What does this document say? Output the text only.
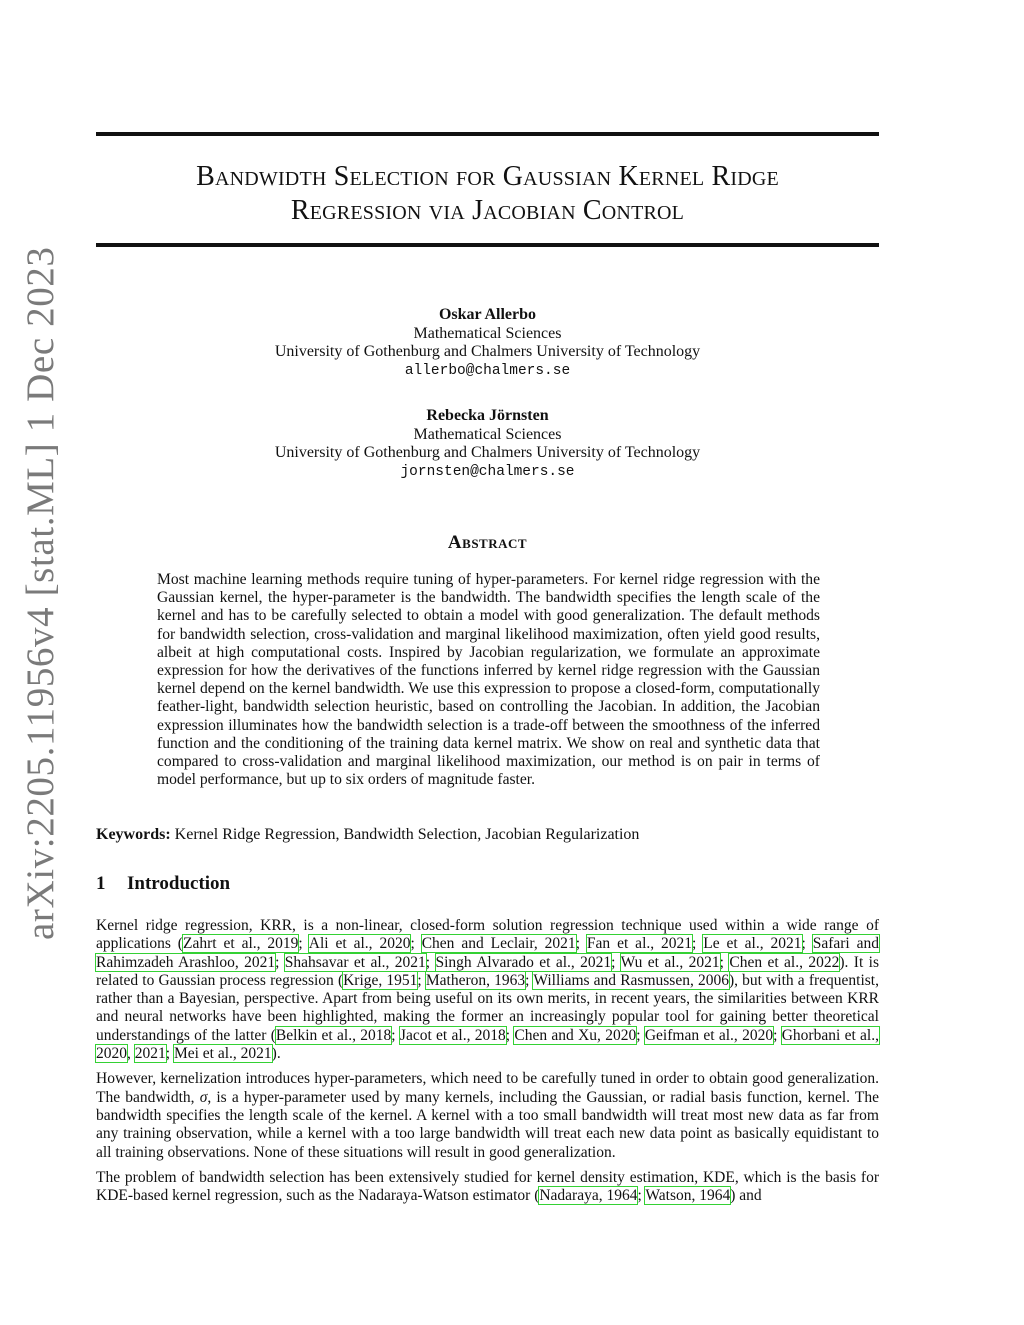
arXiv:2205.11956v4 [stat.ML] 1 Dec 2023
Bandwidth Selection for Gaussian Kernel Ridge
Regression via Jacobian Control
Oskar Allerbo
Mathematical Sciences
University of Gothenburg and Chalmers University of Technology
allerbo@chalmers.se
Rebecka Jörnsten
Mathematical Sciences
University of Gothenburg and Chalmers University of Technology
jornsten@chalmers.se
Abstract
Most machine learning methods require tuning of hyper-parameters. For kernel ridge regression with the Gaussian kernel, the hyper-parameter is the bandwidth. The bandwidth specifies the length scale of the kernel and has to be carefully selected to obtain a model with good generalization. The default methods for bandwidth selection, cross-validation and marginal likelihood maximization, often yield good results, albeit at high computational costs. Inspired by Jacobian regularization, we formulate an approximate expression for how the derivatives of the functions inferred by kernel ridge regression with the Gaussian kernel depend on the kernel bandwidth. We use this expression to propose a closed-form, computationally feather-light, bandwidth selection heuristic, based on controlling the Jacobian. In addition, the Jacobian expression illuminates how the bandwidth selection is a trade-off between the smoothness of the inferred function and the conditioning of the training data kernel matrix. We show on real and synthetic data that compared to cross-validation and marginal likelihood maximization, our method is on pair in terms of model performance, but up to six orders of magnitude faster.
Keywords: Kernel Ridge Regression, Bandwidth Selection, Jacobian Regularization
1 Introduction

Kernel ridge regression, KRR, is a non-linear, closed-form solution regression technique used within a wide range of applications (Zahrt et al., 2019; Ali et al., 2020; Chen and Leclair, 2021; Fan et al., 2021; Le et al., 2021; Safari and Rahimzadeh Arashloo, 2021; Shahsavar et al., 2021; Singh Alvarado et al., 2021; Wu et al., 2021; Chen et al., 2022). It is related to Gaussian process regression (Krige, 1951; Matheron, 1963; Williams and Rasmussen, 2006), but with a frequentist, rather than a Bayesian, perspective. Apart from being useful on its own merits, in recent years, the similarities between KRR and neural networks have been highlighted, making the former an increasingly popular tool for gaining better theoretical understandings of the latter (Belkin et al., 2018; Jacot et al., 2018; Chen and Xu, 2020; Geifman et al., 2020; Ghorbani et al., 2020, 2021; Mei et al., 2021).

However, kernelization introduces hyper-parameters, which need to be carefully tuned in order to obtain good generalization. The bandwidth, σ, is a hyper-parameter used by many kernels, including the Gaussian, or radial basis function, kernel. The bandwidth specifies the length scale of the kernel. A kernel with a too small bandwidth will treat most new data as far from any training observation, while a kernel with a too large bandwidth will treat each new data point as basically equidistant to all training observations. None of these situations will result in good generalization.

The problem of bandwidth selection has been extensively studied for kernel density estimation, KDE, which is the basis for KDE-based kernel regression, such as the Nadaraya-Watson estimator (Nadaraya, 1964; Watson, 1964) and
